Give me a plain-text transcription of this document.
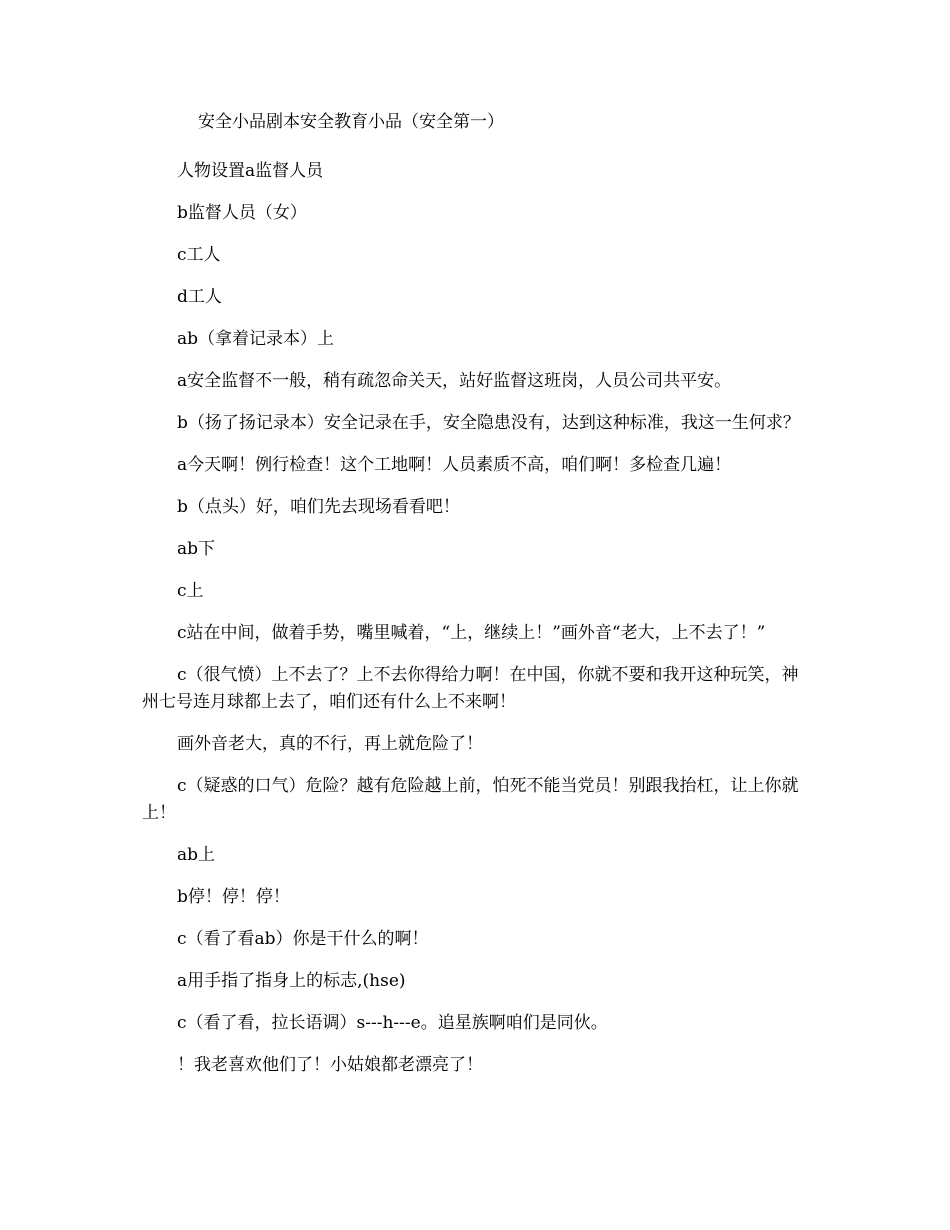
安全小品剧本安全教育小品（安全第一）

人物设置a监督人员

b监督人员（女）

c工人

d工人

ab（拿着记录本）上

a安全监督不一般，稍有疏忽命关天，站好监督这班岗，人员公司共平安。

b（扬了扬记录本）安全记录在手，安全隐患没有，达到这种标准，我这一生何求？

a今天啊！例行检查！这个工地啊！人员素质不高，咱们啊！多检查几遍！

b（点头）好，咱们先去现场看看吧！

ab下

c上

c站在中间，做着手势，嘴里喊着，“上，继续上！”画外音“老大，上不去了！”

c（很气愤）上不去了？上不去你得给力啊！在中国，你就不要和我开这种玩笑，神州七号连月球都上去了，咱们还有什么上不来啊！

画外音老大，真的不行，再上就危险了！

c（疑惑的口气）危险？越有危险越上前，怕死不能当党员！别跟我抬杠，让上你就上！

ab上

b停！停！停！

c（看了看ab）你是干什么的啊！

a用手指了指身上的标志,(hse)

c（看了看，拉长语调）s---h---e。追星族啊咱们是同伙。

！我老喜欢他们了！小姑娘都老漂亮了！
